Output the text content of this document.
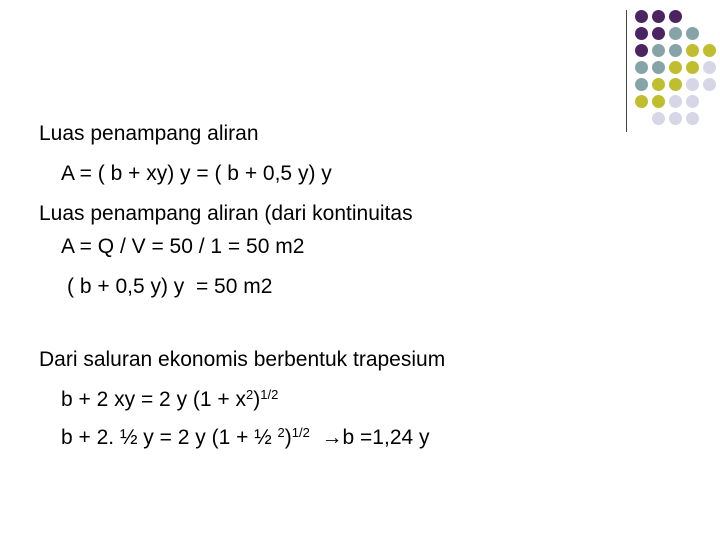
Luas penampang aliran
A = ( b + xy) y = ( b + 0,5 y) y
Luas penampang aliran (dari kontinuitas
A = Q / V = 50 / 1 = 50 m2
( b + 0,5 y) y  = 50 m2
Dari saluran ekonomis berbentuk trapesium
b + 2 xy = 2 y $(1 + x^2)^{1/2}$
b + 2. ½ y = 2 y (1 + ½ $^2$)$^{1/2}$ →b =1,24 y
